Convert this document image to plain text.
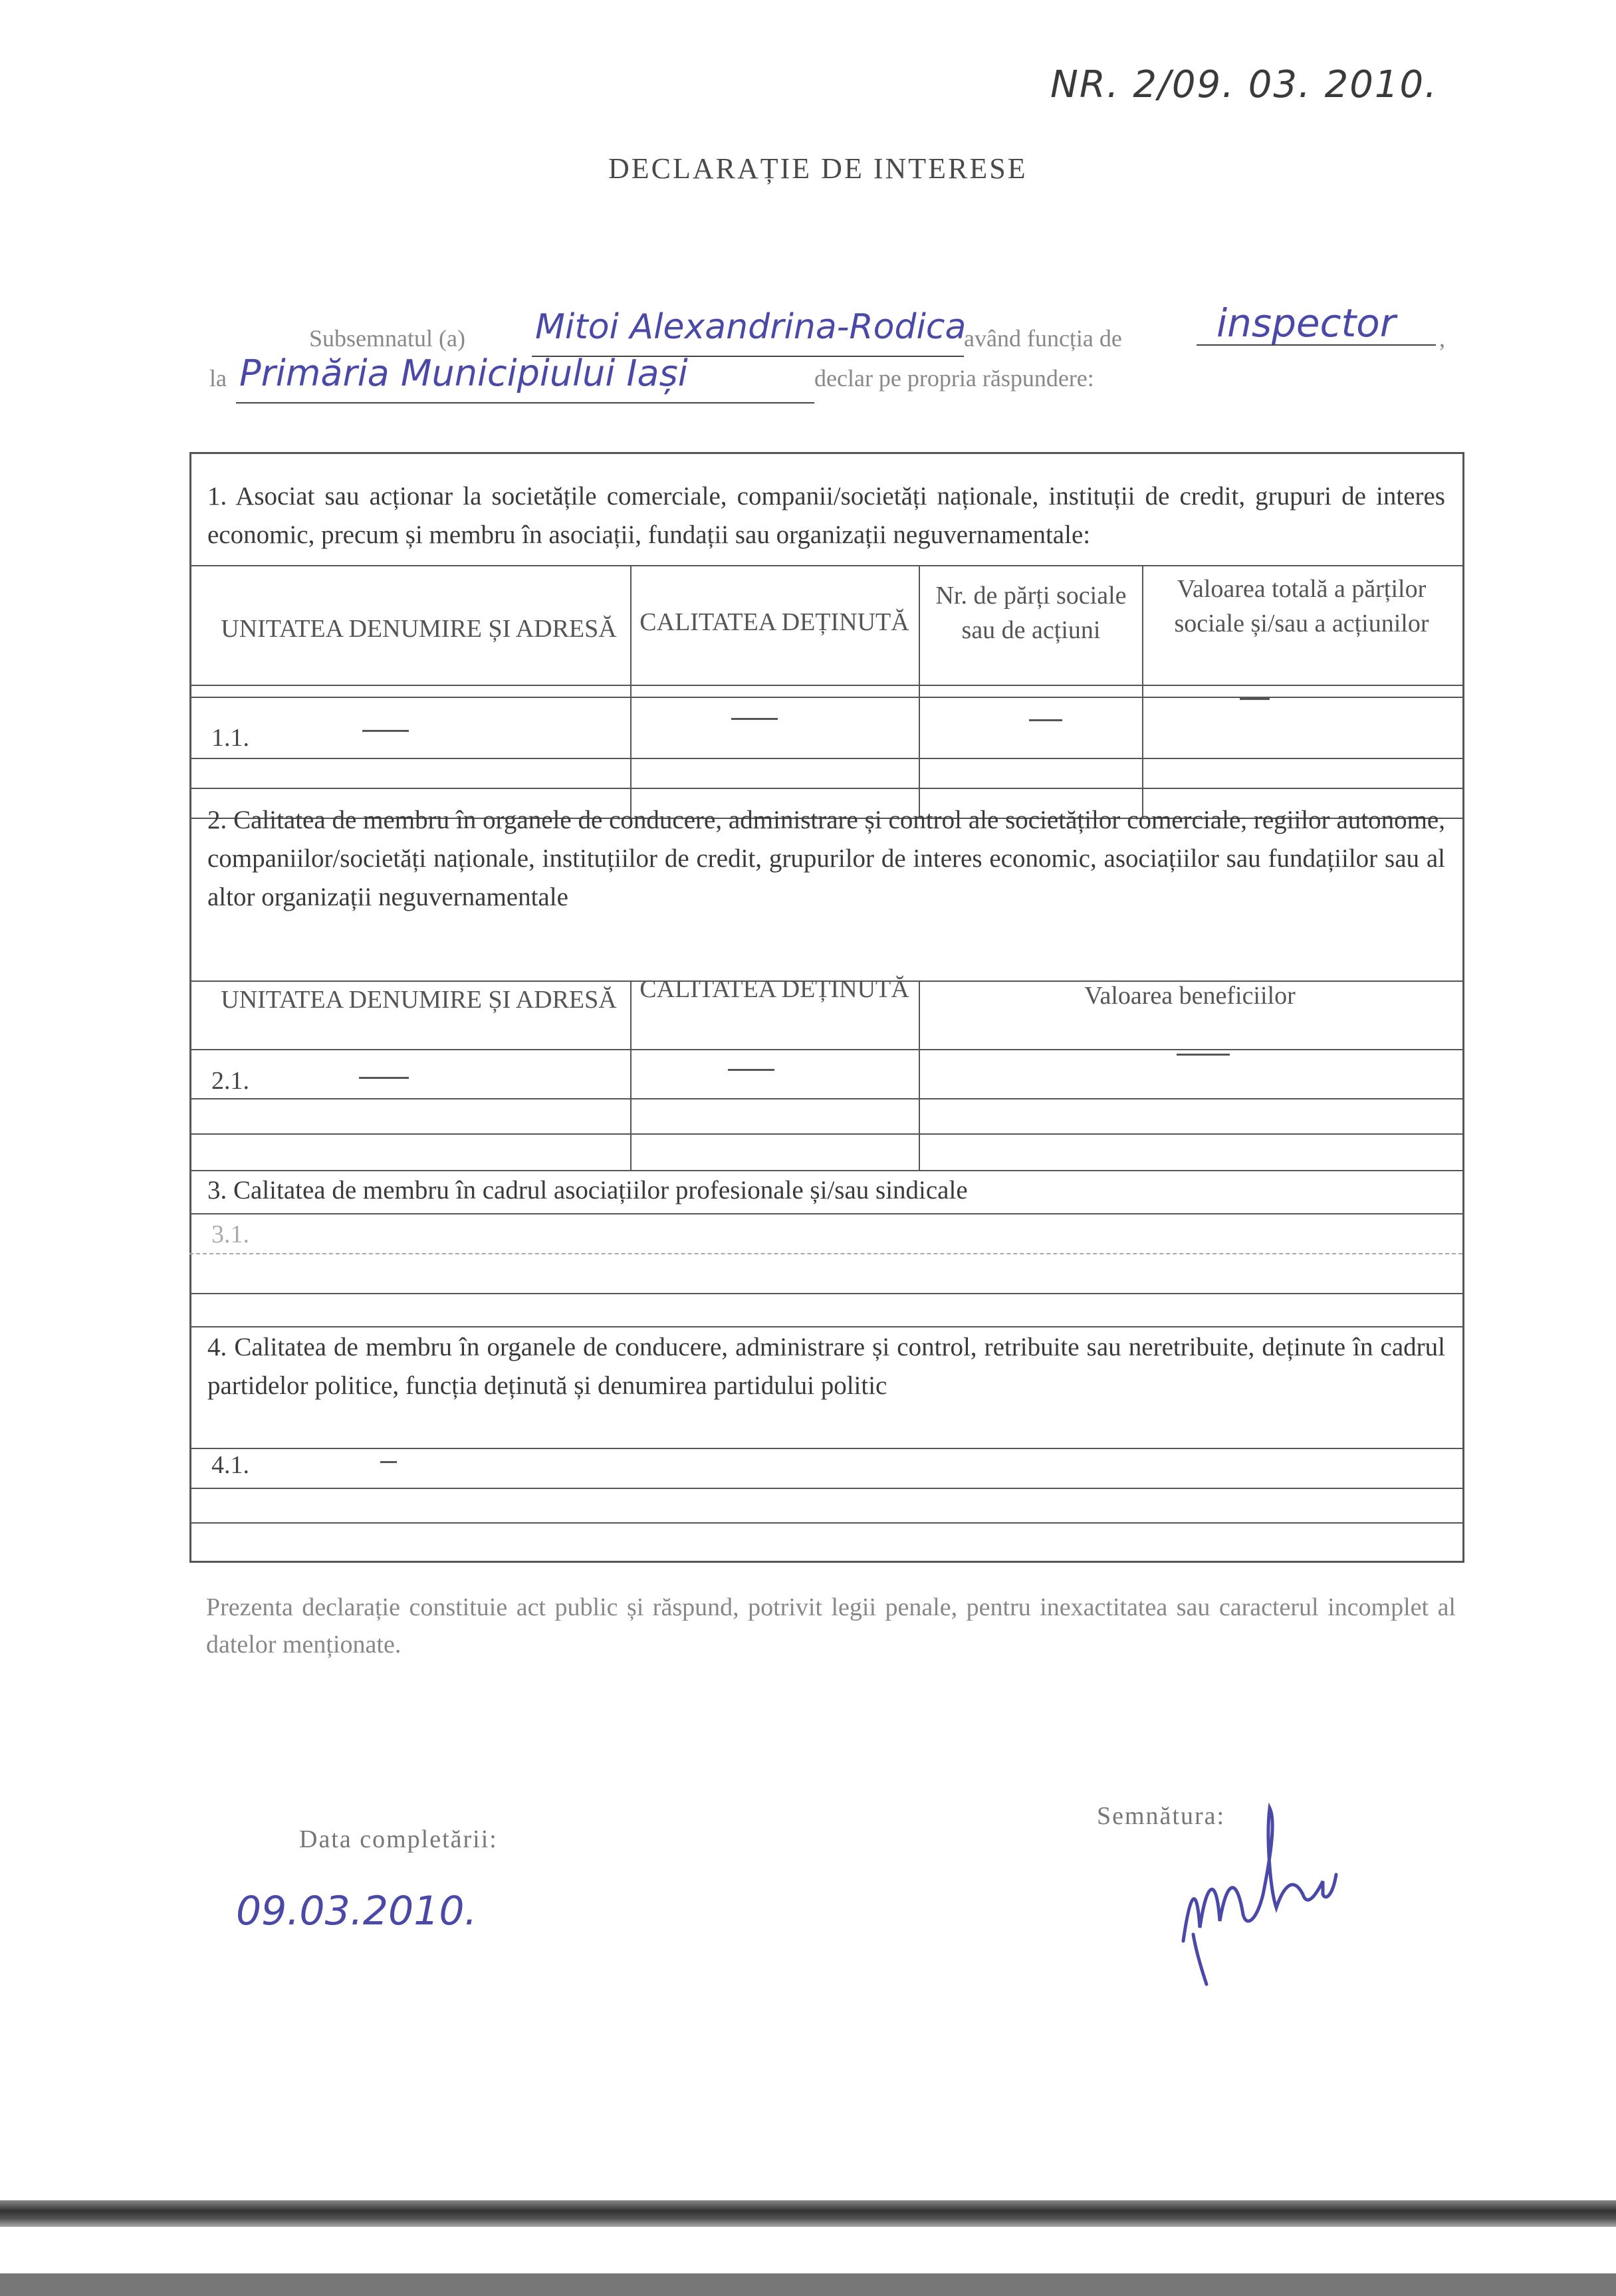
NR. 2/09. 03. 2010.
DECLARAȚIE DE INTERESE
Subsemnatul (a) Mitoi Alexandrina-Rodica
având funcția de inspector ,
la Primăria Municipiului Iași	declar pe propria răspundere:
1. Asociat sau acționar la societățile comerciale, companii/societăți naționale, instituții de credit, grupuri de interes economic, precum și membru în asociații, fundații sau organizații neguvernamentale:
UNITATEA DENUMIRE ȘI ADRESĂ CALITATEA DEȚINUTĂ
Nr. de părți sociale sau de acțiuni
Valoarea totală a părților sociale și/sau a acțiunilor
1.1.
2. Calitatea de membru în organele de conducere, administrare și control ale societăților comerciale, regiilor autonome, companiilor/societăți naționale, instituțiilor de credit, grupurilor de interes economic, asociațiilor sau fundațiilor sau al altor organizații neguvernamentale
UNITATEA DENUMIRE ȘI ADRESĂ CALITATEA DEȚINUTĂ	Valoarea beneficiilor
2.1.
3. Calitatea de membru în cadrul asociațiilor profesionale și/sau sindicale
3.1.
4. Calitatea de membru în organele de conducere, administrare și control, retribuite sau neretribuite, deținute în cadrul partidelor politice, funcția deținută și denumirea partidului politic
4.1.
Prezenta declarație constituie act public și răspund, potrivit legii penale, pentru inexactitatea sau caracterul incomplet al datelor menționate.
Data completării:
09.03.2010.
Semnătura:
